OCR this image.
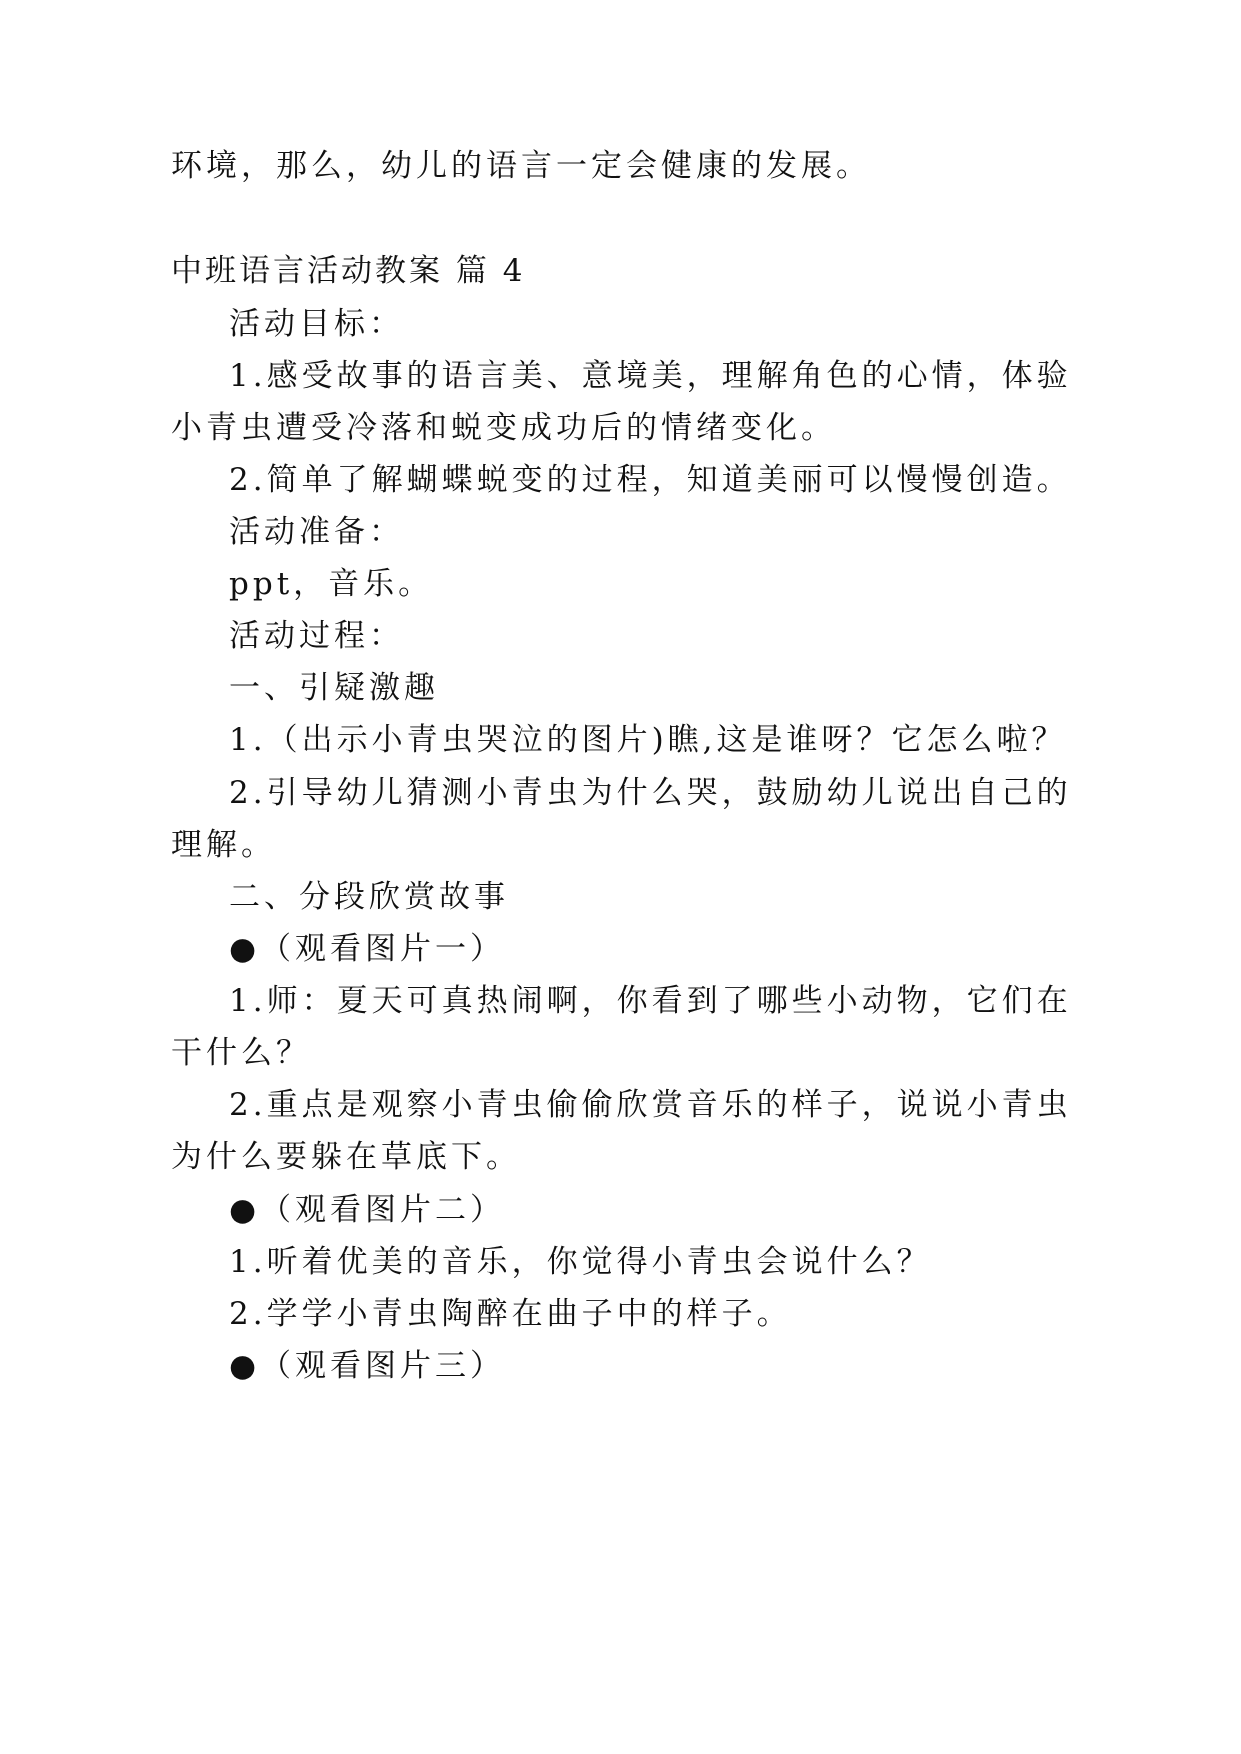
环境，那么，幼儿的语言一定会健康的发展。
中班语言活动教案 篇 4
活动目标：
1.感受故事的语言美、意境美，理解角色的心情，体验
小青虫遭受冷落和蜕变成功后的情绪变化。
2.简单了解蝴蝶蜕变的过程，知道美丽可以慢慢创造。
活动准备：
ppt，音乐。
活动过程：
一、引疑激趣
1.（出示小青虫哭泣的图片)瞧,这是谁呀？它怎么啦？
2.引导幼儿猜测小青虫为什么哭，鼓励幼儿说出自己的
理解。
二、分段欣赏故事
●（观看图片一）
1.师：夏天可真热闹啊，你看到了哪些小动物，它们在
干什么？
2.重点是观察小青虫偷偷欣赏音乐的样子，说说小青虫
为什么要躲在草底下。
●（观看图片二）
1.听着优美的音乐，你觉得小青虫会说什么？
2.学学小青虫陶醉在曲子中的样子。
●（观看图片三）
